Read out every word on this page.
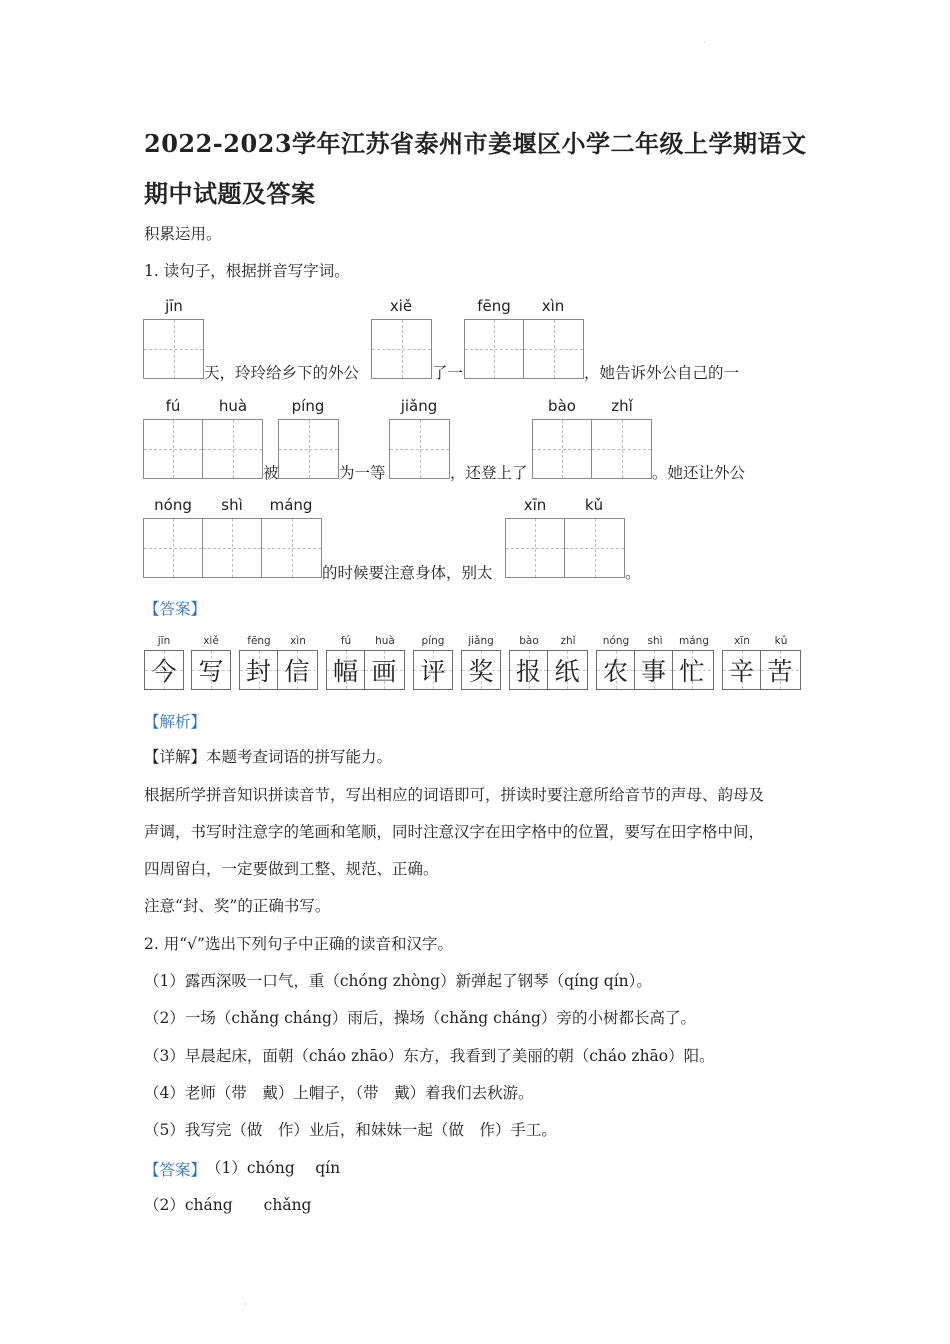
·
2022-2023学年江苏省泰州市姜堰区小学二年级上学期语文
期中试题及答案
积累运用。
1. 读句子，根据拼音写字词。
jīn
天，玲玲给乡下的外公
xiě
了一
fēng	xìn
，她告诉外公自己的一
fú	huà
被
píng
为一等
jiǎng
，还登上了
bào	zhǐ
。她还让外公
nóng	shì	máng
的时候要注意身体，别太
xīn	kǔ
。
【答案】
jīn	xiě	fēng	xìn	fú	huà	píng	jiǎng	bào	zhǐ	nóng	shì	máng	xīn	kǔ
今 写 封 信 幅 画 评 奖 报 纸 农 事 忙 辛 苦
【解析】
【详解】本题考查词语的拼写能力。
根据所学拼音知识拼读音节，写出相应的词语即可，拼读时要注意所给音节的声母、韵母及
声调，书写时注意字的笔画和笔顺，同时注意汉字在田字格中的位置，要写在田字格中间，
四周留白，一定要做到工整、规范、正确。
注意“封、奖”的正确书写。
2. 用“√”选出下列句子中正确的读音和汉字。
（1）露西深吸一口气，重（chóng zhòng）新弹起了钢琴（qíng qín）。
（2）一场（chǎng cháng）雨后，操场（chǎng cháng）旁的小树都长高了。
（3）早晨起床，面朝（cháo zhāo）东方，我看到了美丽的朝（cháo zhāo）阳。
（4）老师（带　戴）上帽子，（带　戴）着我们去秋游。
（5）我写完（做　作）业后，和妹妹一起（做　作）手工。
【答案】 （1）chóng　 qín
（2）cháng　　chǎng
·
